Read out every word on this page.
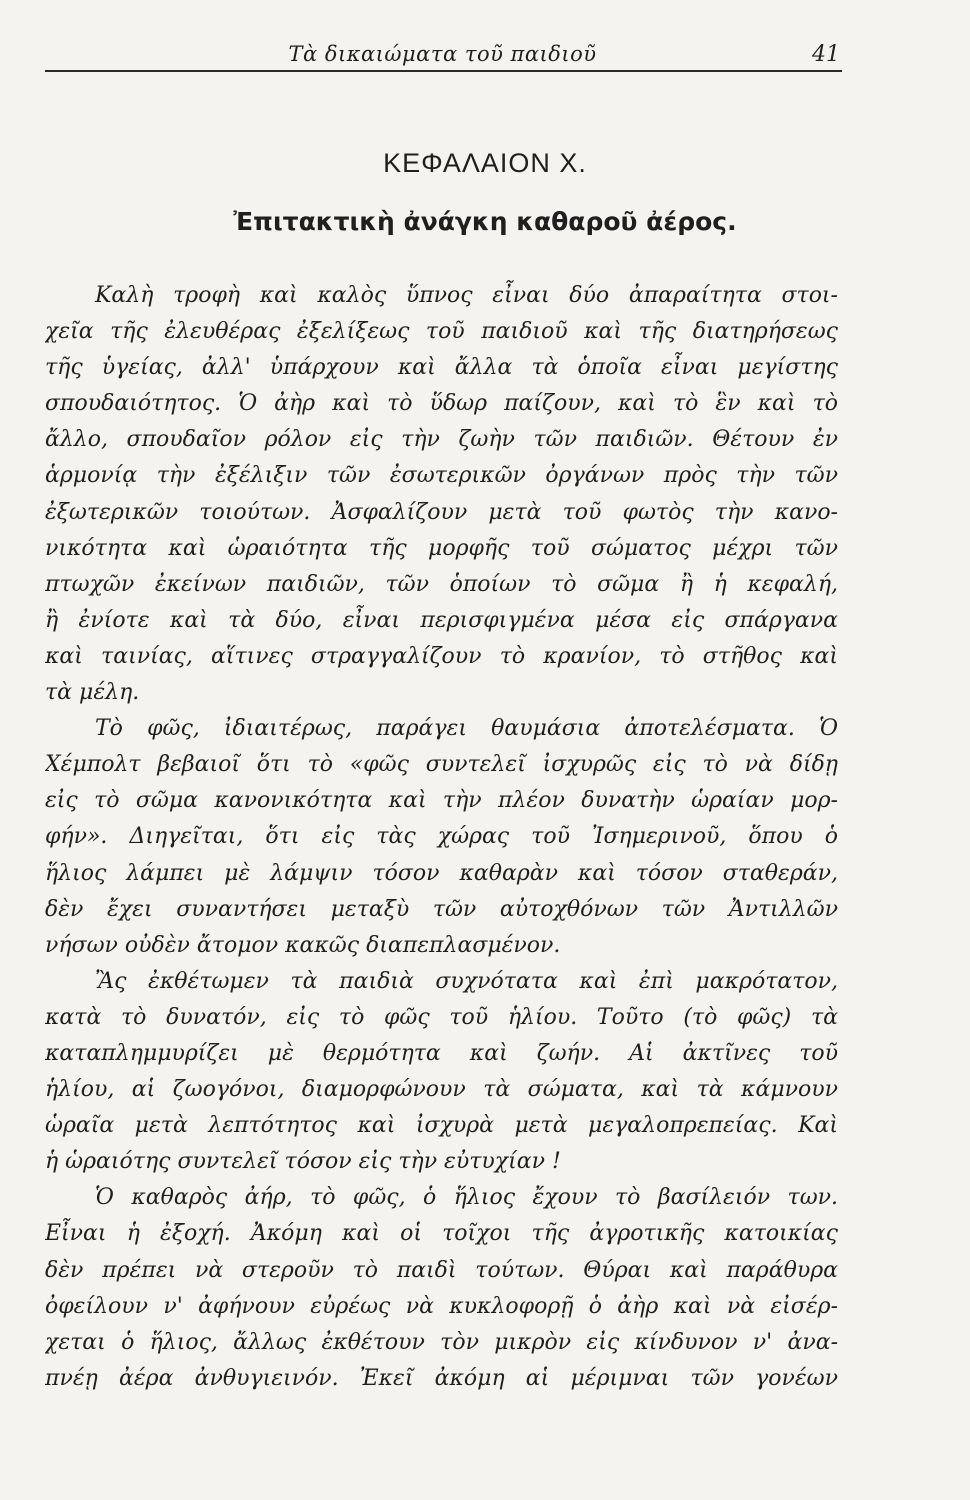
Τὰ δικαιώματα τοῦ παιδιοῦ	41
ΚΕΦΑΛΑΙΟΝ Χ.
Ἐπιτακτικὴ ἀνάγκη καθαροῦ ἀέρος.
Καλὴ τροφὴ καὶ καλὸς ὕπνος εἶναι δύο ἀπαραίτητα στοι-
χεῖα τῆς ἐλευθέρας ἐξελίξεως τοῦ παιδιοῦ καὶ τῆς διατηρήσεως
τῆς ὑγείας, ἀλλ' ὑπάρχουν καὶ ἄλλα τὰ ὁποῖα εἶναι μεγίστης
σπουδαιότητος. Ὁ ἀὴρ καὶ τὸ ὕδωρ παίζουν, καὶ τὸ ἓν καὶ τὸ
ἄλλο, σπουδαῖον ρόλον εἰς τὴν ζωὴν τῶν παιδιῶν. Θέτουν ἐν
ἁρμονίᾳ τὴν ἐξέλιξιν τῶν ἐσωτερικῶν ὀργάνων πρὸς τὴν τῶν
ἐξωτερικῶν τοιούτων. Ἀσφαλίζουν μετὰ τοῦ φωτὸς τὴν κανο-
νικότητα καὶ ὡραιότητα τῆς μορφῆς τοῦ σώματος μέχρι τῶν
πτωχῶν ἐκείνων παιδιῶν, τῶν ὁποίων τὸ σῶμα ἢ ἡ κεφαλή,
ἢ ἐνίοτε καὶ τὰ δύο, εἶναι περισφιγμένα μέσα εἰς σπάργανα
καὶ ταινίας, αἵτινες στραγγαλίζουν τὸ κρανίον, τὸ στῆθος καὶ
τὰ μέλη.
Τὸ φῶς, ἰδιαιτέρως, παράγει θαυμάσια ἀποτελέσματα. Ὁ
Χέμπολτ βεβαιοῖ ὅτι τὸ «φῶς συντελεῖ ἰσχυρῶς εἰς τὸ νὰ δίδῃ
εἰς τὸ σῶμα κανονικότητα καὶ τὴν πλέον δυνατὴν ὡραίαν μορ-
φήν». Διηγεῖται, ὅτι εἰς τὰς χώρας τοῦ Ἰσημερινοῦ, ὅπου ὁ
ἥλιος λάμπει μὲ λάμψιν τόσον καθαρὰν καὶ τόσον σταθεράν,
δὲν ἔχει συναντήσει μεταξὺ τῶν αὐτοχθόνων τῶν Ἀντιλλῶν
νήσων οὐδὲν ἄτομον κακῶς διαπεπλασμένον.
Ἂς ἐκθέτωμεν τὰ παιδιὰ συχνότατα καὶ ἐπὶ μακρότατον,
κατὰ τὸ δυνατόν, εἰς τὸ φῶς τοῦ ἡλίου. Τοῦτο (τὸ φῶς) τὰ
καταπλημμυρίζει μὲ θερμότητα καὶ ζωήν. Αἱ ἀκτῖνες τοῦ
ἡλίου, αἱ ζωογόνοι, διαμορφώνουν τὰ σώματα, καὶ τὰ κάμνουν
ὡραῖα μετὰ λεπτότητος καὶ ἰσχυρὰ μετὰ μεγαλοπρεπείας. Καὶ
ἡ ὡραιότης συντελεῖ τόσον εἰς τὴν εὐτυχίαν !
Ὁ καθαρὸς ἀήρ, τὸ φῶς, ὁ ἥλιος ἔχουν τὸ βασίλειόν των.
Εἶναι ἡ ἐξοχή. Ἀκόμη καὶ οἱ τοῖχοι τῆς ἀγροτικῆς κατοικίας
δὲν πρέπει νὰ στεροῦν τὸ παιδὶ τούτων. Θύραι καὶ παράθυρα
ὀφείλουν ν' ἀφήνουν εὐρέως νὰ κυκλοφορῇ ὁ ἀὴρ καὶ νὰ εἰσέρ-
χεται ὁ ἥλιος, ἄλλως ἐκθέτουν τὸν μικρὸν εἰς κίνδυνον ν' ἀνα-
πνέῃ ἀέρα ἀνθυγιεινόν. Ἐκεῖ ἀκόμη αἱ μέριμναι τῶν γονέων
